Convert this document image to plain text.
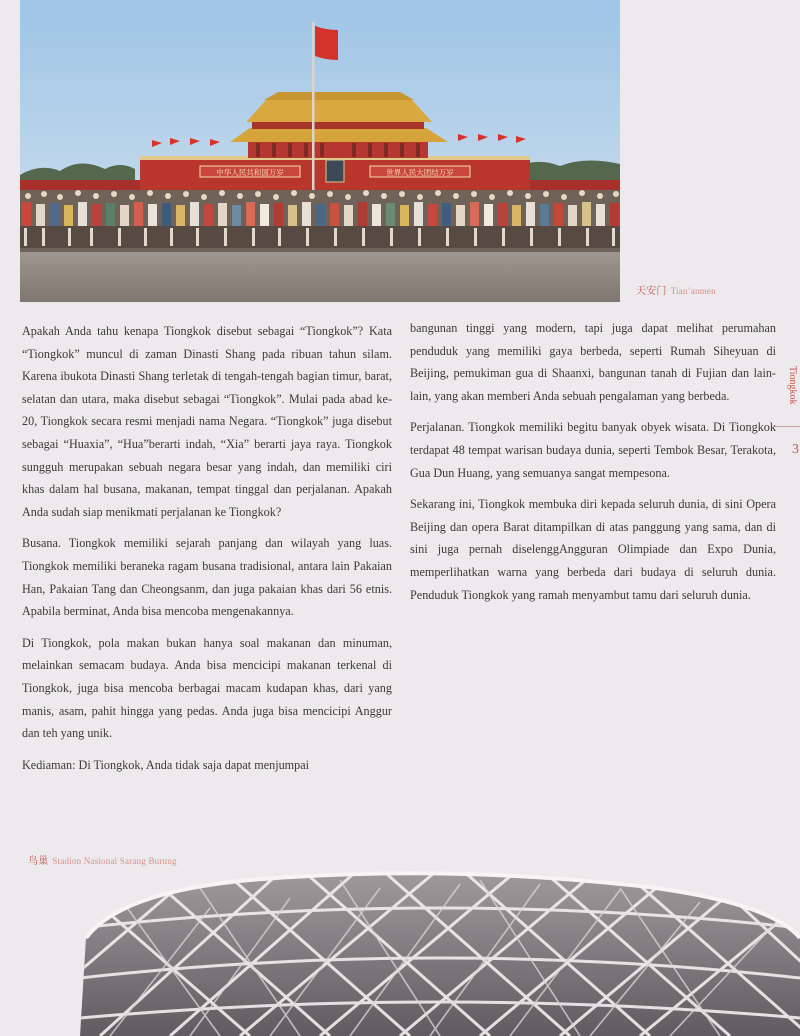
中华人民共和国万岁	世界人民大团结万岁
天安门 Tian’anmen
Tiongkok
3

Apakah Anda tahu kenapa Tiongkok disebut sebagai “Tiongkok”? Kata “Tiongkok” muncul di zaman Dinasti Shang pada ribuan tahun silam. Karena ibukota Dinasti Shang terletak di tengah-tengah bagian timur, barat, selatan dan utara, maka disebut sebagai “Tiongkok”. Mulai pada abad ke-20, Tiongkok secara resmi menjadi nama Negara. “Tiongkok” juga disebut sebagai “Huaxia”, “Hua”berarti indah, “Xia” berarti jaya raya. Tiongkok sungguh merupakan sebuah negara besar yang indah, dan memiliki ciri khas dalam hal busana, makanan, tempat tinggal dan perjalanan. Apakah Anda sudah siap menikmati perjalanan ke Tiongkok?

Busana. Tiongkok memiliki sejarah panjang dan wilayah yang luas. Tiongkok memiliki beraneka ragam busana tradisional, antara lain Pakaian Han, Pakaian Tang dan Cheongsanm, dan juga pakaian khas dari 56 etnis. Apabila berminat, Anda bisa mencoba mengenakannya.

Di Tiongkok, pola makan bukan hanya soal makanan dan minuman, melainkan semacam budaya. Anda bisa mencicipi makanan terkenal di Tiongkok, juga bisa mencoba berbagai macam kudapan khas, dari yang manis, asam, pahit hingga yang pedas. Anda juga bisa mencicipi Anggur dan teh yang unik.

Kediaman: Di Tiongkok, Anda tidak saja dapat menjumpai

bangunan tinggi yang modern, tapi juga dapat melihat perumahan penduduk yang memiliki gaya berbeda, seperti Rumah Siheyuan di Beijing, pemukiman gua di Shaanxi, bangunan tanah di Fujian dan lain-lain, yang akan memberi Anda sebuah pengalaman yang berbeda.

Perjalanan. Tiongkok memiliki begitu banyak obyek wisata. Di Tiongkok terdapat 48 tempat warisan budaya dunia, seperti Tembok Besar, Terakota, Gua Dun Huang, yang semuanya sangat mempesona.

Sekarang ini, Tiongkok membuka diri kepada seluruh dunia, di sini Opera Beijing dan opera Barat ditampilkan di atas panggung yang sama, dan di sini juga pernah diselenggAngguran Olimpiade dan Expo Dunia, memperlihatkan warna yang berbeda dari budaya di seluruh dunia. Penduduk Tiongkok yang ramah menyambut tamu dari seluruh dunia.

鸟巢 Stadion Nasional Sarang Burung
